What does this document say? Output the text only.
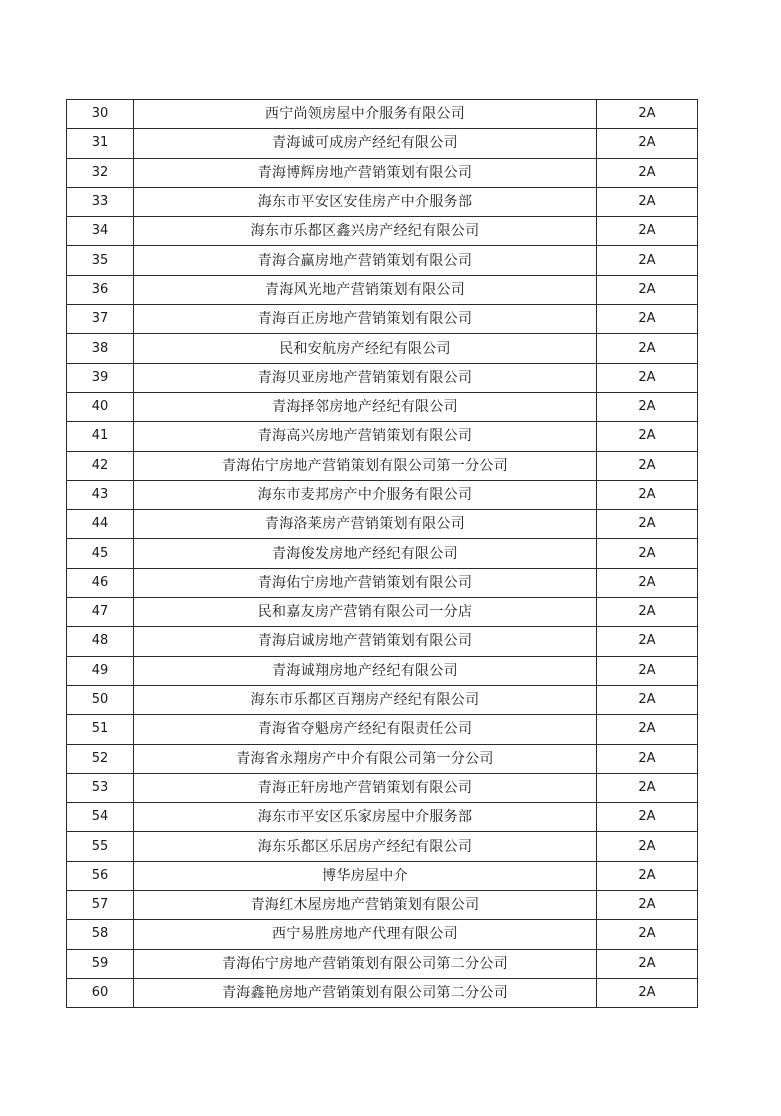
30	西宁尚领房屋中介服务有限公司	2A
31	青海诚可成房产经纪有限公司	2A
32	青海博辉房地产营销策划有限公司	2A
33	海东市平安区安佳房产中介服务部	2A
34	海东市乐都区鑫兴房产经纪有限公司	2A
35	青海合赢房地产营销策划有限公司	2A
36	青海风光地产营销策划有限公司	2A
37	青海百正房地产营销策划有限公司	2A
38	民和安航房产经纪有限公司	2A
39	青海贝亚房地产营销策划有限公司	2A
40	青海择邻房地产经纪有限公司	2A
41	青海高兴房地产营销策划有限公司	2A
42	青海佑宁房地产营销策划有限公司第一分公司	2A
43	海东市麦邦房产中介服务有限公司	2A
44	青海洛莱房产营销策划有限公司	2A
45	青海俊发房地产经纪有限公司	2A
46	青海佑宁房地产营销策划有限公司	2A
47	民和嘉友房产营销有限公司一分店	2A
48	青海启诚房地产营销策划有限公司	2A
49	青海诚翔房地产经纪有限公司	2A
50	海东市乐都区百翔房产经纪有限公司	2A
51	青海省夺魁房产经纪有限责任公司	2A
52	青海省永翔房产中介有限公司第一分公司	2A
53	青海正轩房地产营销策划有限公司	2A
54	海东市平安区乐家房屋中介服务部	2A
55	海东乐都区乐居房产经纪有限公司	2A
56	博华房屋中介	2A
57	青海红木屋房地产营销策划有限公司	2A
58	西宁易胜房地产代理有限公司	2A
59	青海佑宁房地产营销策划有限公司第二分公司	2A
60	青海鑫艳房地产营销策划有限公司第二分公司	2A
